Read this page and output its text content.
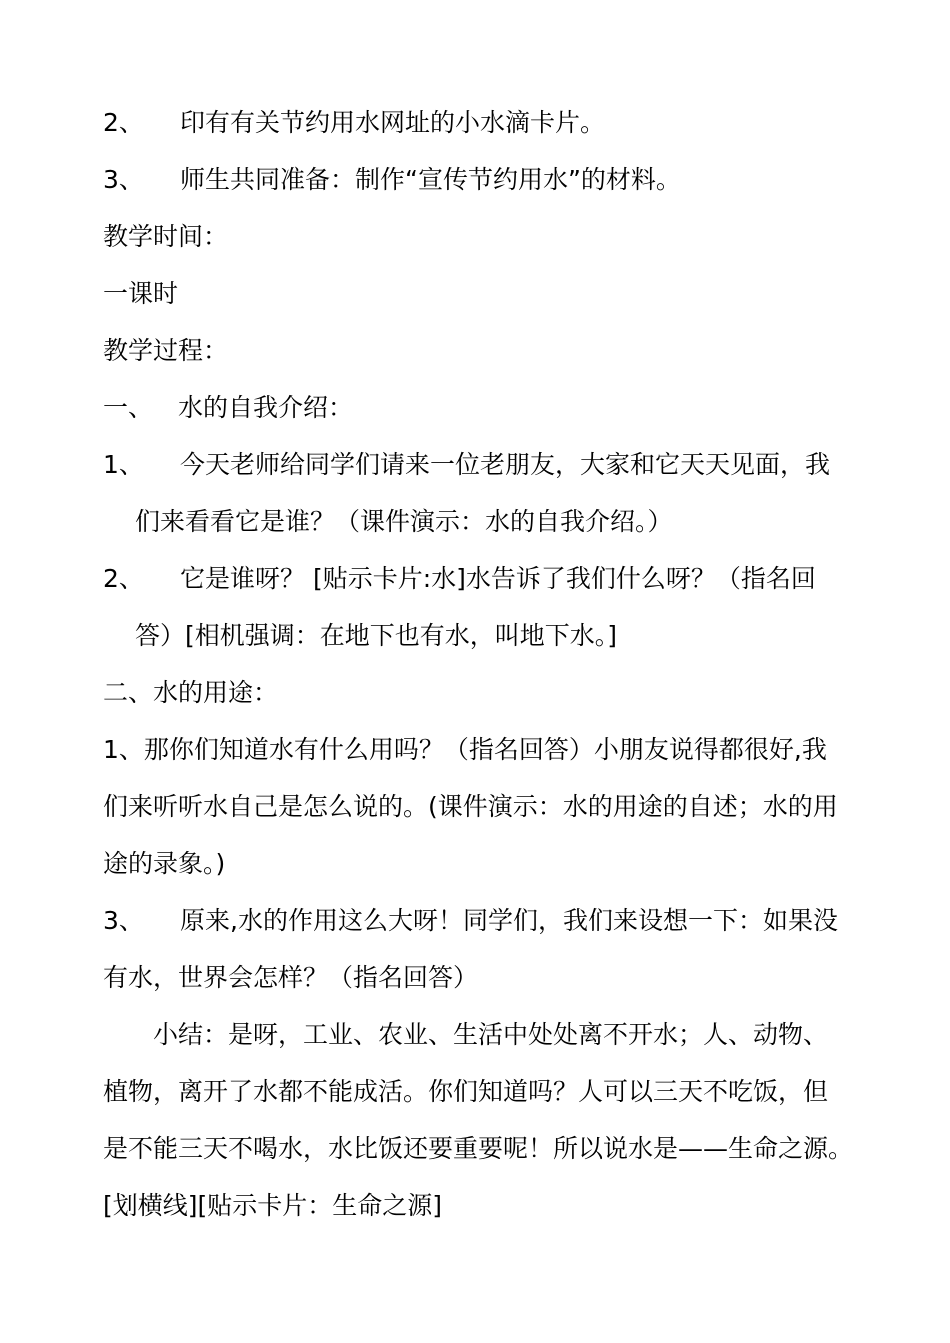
2、 印有有关节约用水网址的小水滴卡片。
3、 师生共同准备：制作“宣传节约用水”的材料。
教学时间：
一课时
教学过程：
一、 水的自我介绍：
1、 今天老师给同学们请来一位老朋友，大家和它天天见面，我
们来看看它是谁？（课件演示：水的自我介绍。）
2、 它是谁呀？ [贴示卡片:水]水告诉了我们什么呀？（指名回
答）[相机强调：在地下也有水，叫地下水。]
二、水的用途：
1、那你们知道水有什么用吗？（指名回答）小朋友说得都很好,我
们来听听水自己是怎么说的。(课件演示：水的用途的自述；水的用
途的录象。)
3、 原来,水的作用这么大呀！同学们，我们来设想一下：如果没
有水，世界会怎样？（指名回答）
小结：是呀，工业、农业、生活中处处离不开水；人、动物、
植物，离开了水都不能成活。你们知道吗？人可以三天不吃饭，但
是不能三天不喝水，水比饭还要重要呢！所以说水是——生命之源。
[划横线][贴示卡片：生命之源]
